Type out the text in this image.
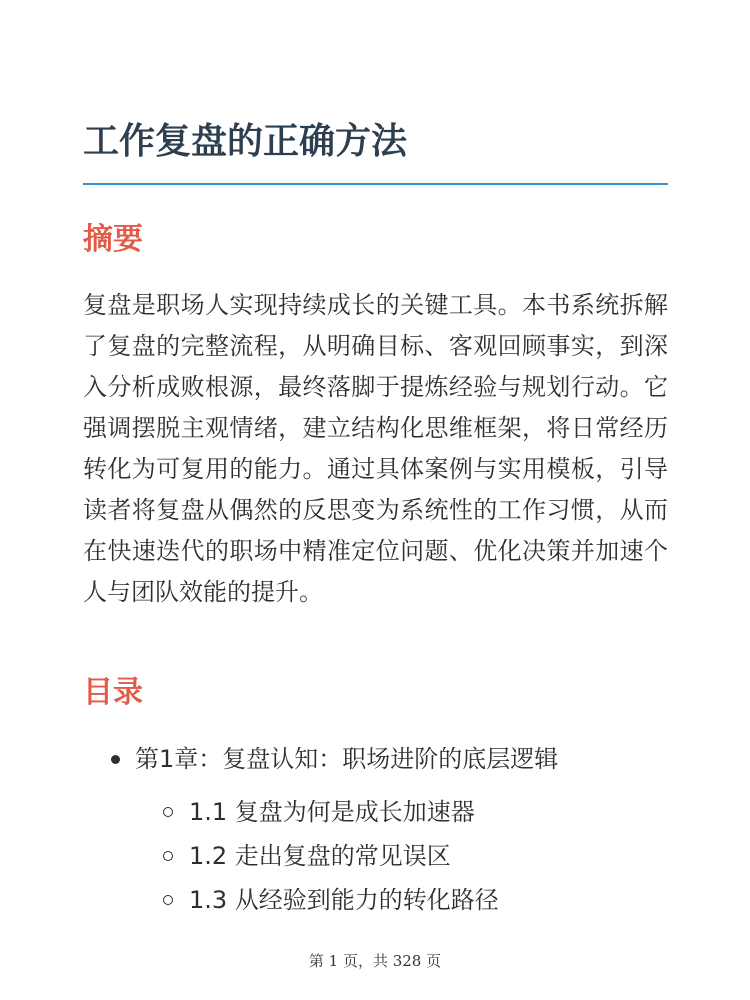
工作复盘的正确方法
摘要

复盘是职场人实现持续成长的关键工具。本书系统拆解了复盘的完整流程，从明确目标、客观回顾事实，到深入分析成败根源，最终落脚于提炼经验与规划行动。它强调摆脱主观情绪，建立结构化思维框架，将日常经历转化为可复用的能力。通过具体案例与实用模板，引导读者将复盘从偶然的反思变为系统性的工作习惯，从而在快速迭代的职场中精准定位问题、优化决策并加速个人与团队效能的提升。

目录
第1章：复盘认知：职场进阶的底层逻辑
1.1 复盘为何是成长加速器
1.2 走出复盘的常见误区
1.3 从经验到能力的转化路径
第 1 页，共 328 页
